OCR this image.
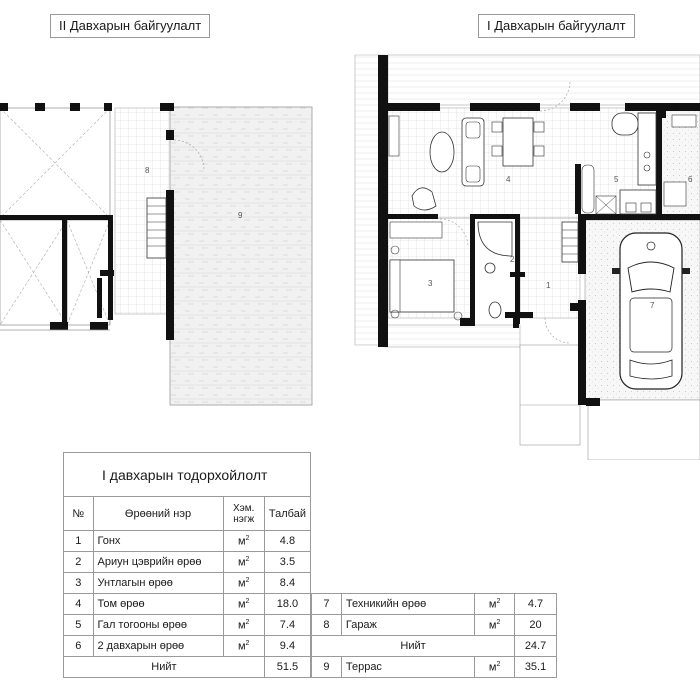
II Давхарын байгуулалт	I Давхарын байгуулалт
8
9
4	5	6
3
2
1
7
I давхарын тодорхойлолт			
№	Өрөөний нэр	Хэм. нэгж	Талбай
1	Гонх	$м^2$	4.8
2	Ариун цэврийн өрөө	$м^2$	3.5
3	Унтлагын өрөө	$м^2$	8.4
4	Том өрөө	$м^2$	18.0
5	Гал тогооны өрөө	$м^2$	7.4
6	2 давхарын өрөө	$м^2$	9.4
Нийт			51.5
7	Техникийн өрөө	$м^2$	4.7
8	Гараж	$м^2$	20
Нийт			24.7
9	Террас	$м^2$	35.1
